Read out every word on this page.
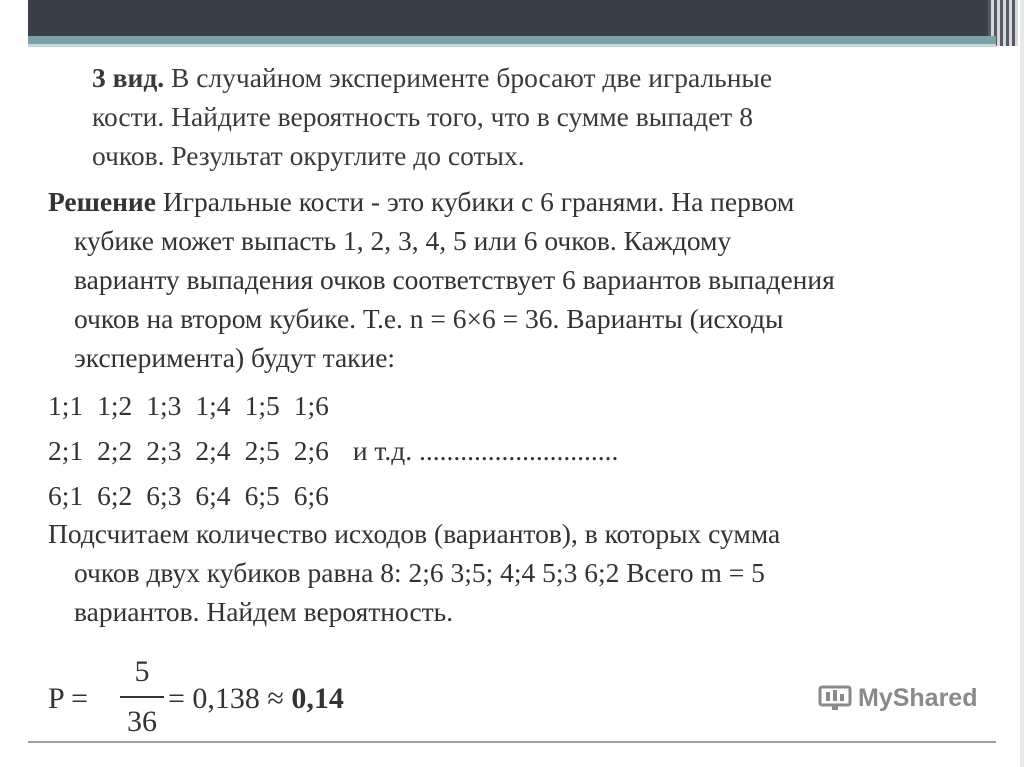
3 вид. В случайном эксперименте бросают две игральные
кости. Найдите вероятность того, что в сумме выпадет 8
очков. Результат округлите до сотых.
Решение Игральные кости - это кубики с 6 гранями. На первом
кубике может выпасть 1, 2, 3, 4, 5 или 6 очков. Каждому
варианту выпадения очков соответствует 6 вариантов выпадения
очков на втором кубике. Т.е. n = 6×6 = 36. Варианты (исходы
эксперимента) будут такие:
1;1 1;2 1;3 1;4 1;5 1;6
2;1 2;2 2;3 2;4 2;5 2;6 и т.д. .............................
6;1 6;2 6;3 6;4 6;5 6;6
Подсчитаем количество исходов (вариантов), в которых сумма
очков двух кубиков равна 8: 2;6 3;5; 4;4 5;3 6;2 Всего m = 5
вариантов. Найдем вероятность.
P =
5
36
= 0,138 ≈ 0,14	MyShared
